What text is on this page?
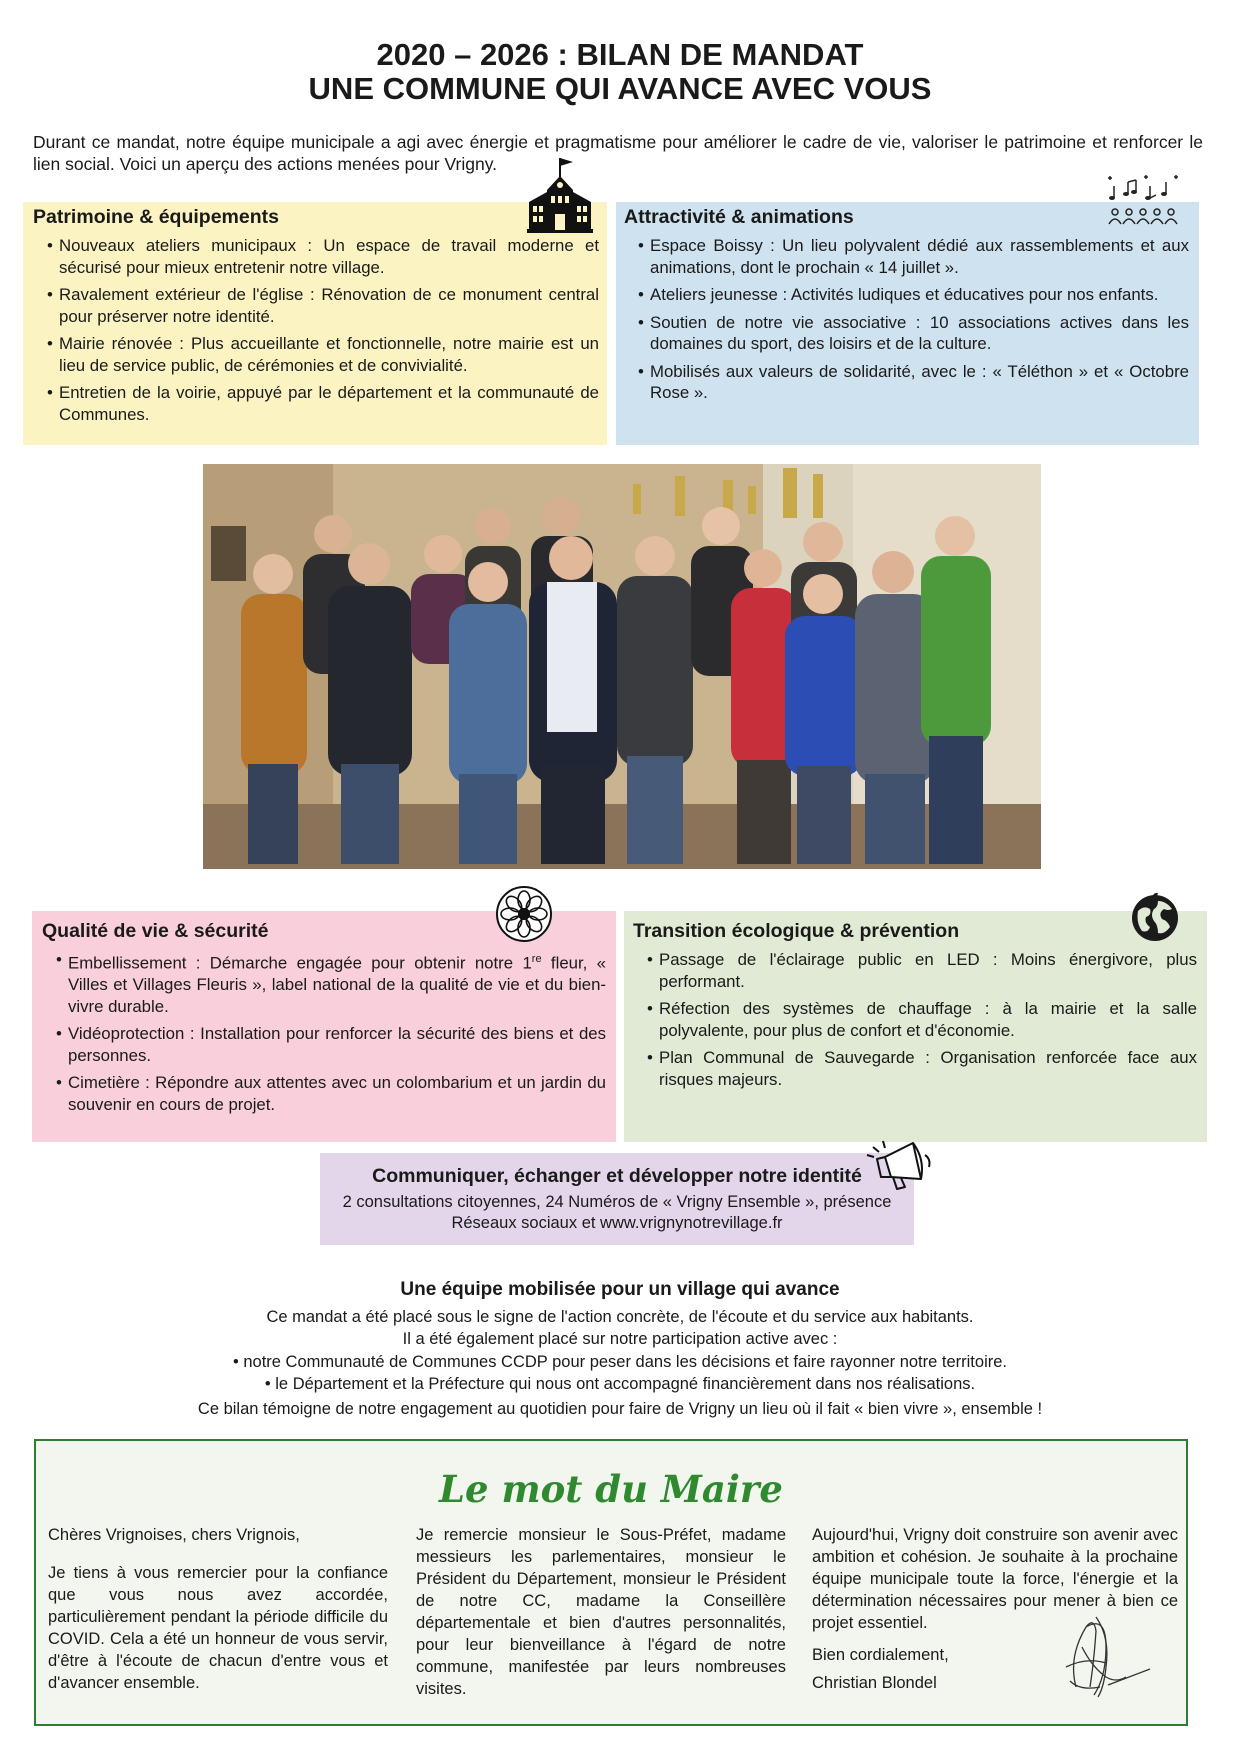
2020 – 2026 : BILAN DE MANDAT
UNE COMMUNE QUI AVANCE AVEC VOUS
Durant ce mandat, notre équipe municipale a agi avec énergie et pragmatisme pour améliorer le cadre de vie, valoriser le patrimoine et renforcer le lien social. Voici un aperçu des actions menées pour Vrigny.
Patrimoine & équipements
• Nouveaux ateliers municipaux : Un espace de travail moderne et sécurisé pour mieux entretenir notre village.
• Ravalement extérieur de l'église : Rénovation de ce monument central pour préserver notre identité.
• Mairie rénovée : Plus accueillante et fonctionnelle, notre mairie est un lieu de service public, de cérémonies et de convivialité.
• Entretien de la voirie, appuyé par le département et la communauté de Communes.
Attractivité & animations
• Espace Boissy : Un lieu polyvalent dédié aux rassemblements et aux animations, dont le prochain « 14 juillet ».
• Ateliers jeunesse : Activités ludiques et éducatives pour nos enfants.
• Soutien de notre vie associative : 10 associations actives dans les domaines du sport, des loisirs et de la culture.
• Mobilisés aux valeurs de solidarité, avec le : « Téléthon » et « Octobre Rose ».
Qualité de vie & sécurité
• Embellissement : Démarche engagée pour obtenir notre 1re fleur, « Villes et Villages Fleuris », label national de la qualité de vie et du bien-vivre durable.
• Vidéoprotection : Installation pour renforcer la sécurité des biens et des personnes.
• Cimetière : Répondre aux attentes avec un colombarium et un jardin du souvenir en cours de projet.
Transition écologique & prévention
• Passage de l'éclairage public en LED : Moins énergivore, plus performant.
• Réfection des systèmes de chauffage : à la mairie et la salle polyvalente, pour plus de confort et d'économie.
• Plan Communal de Sauvegarde : Organisation renforcée face aux risques majeurs.
Communiquer, échanger et développer notre identité

2 consultations citoyennes, 24 Numéros de « Vrigny Ensemble », présence

Réseaux sociaux et www.vrignynotrevillage.fr

Une équipe mobilisée pour un village qui avance

Ce mandat a été placé sous le signe de l'action concrète, de l'écoute et du service aux habitants.

Il a été également placé sur notre participation active avec :

• notre Communauté de Communes CCDP pour peser dans les décisions et faire rayonner notre territoire.

• le Département et la Préfecture qui nous ont accompagné financièrement dans nos réalisations.

Ce bilan témoigne de notre engagement au quotidien pour faire de Vrigny un lieu où il fait « bien vivre », ensemble !

Le mot du Maire

Chères Vrignoises, chers Vrignois,

Je tiens à vous remercier pour la confiance que vous nous avez accordée, particulièrement pendant la période difficile du COVID. Cela a été un honneur de vous servir, d'être à l'écoute de chacun d'entre vous et d'avancer ensemble.

Je remercie monsieur le Sous-Préfet, madame messieurs les parlementaires, monsieur le Président du Département, monsieur le Président de notre CC, madame la Conseillère départementale et bien d'autres personnalités, pour leur bienveillance à l'égard de notre commune, manifestée par leurs nombreuses visites.

Aujourd'hui, Vrigny doit construire son avenir avec ambition et cohésion. Je souhaite à la prochaine équipe municipale toute la force, l'énergie et la détermination nécessaires pour mener à bien ce projet essentiel.

Bien cordialement,

Christian Blondel
